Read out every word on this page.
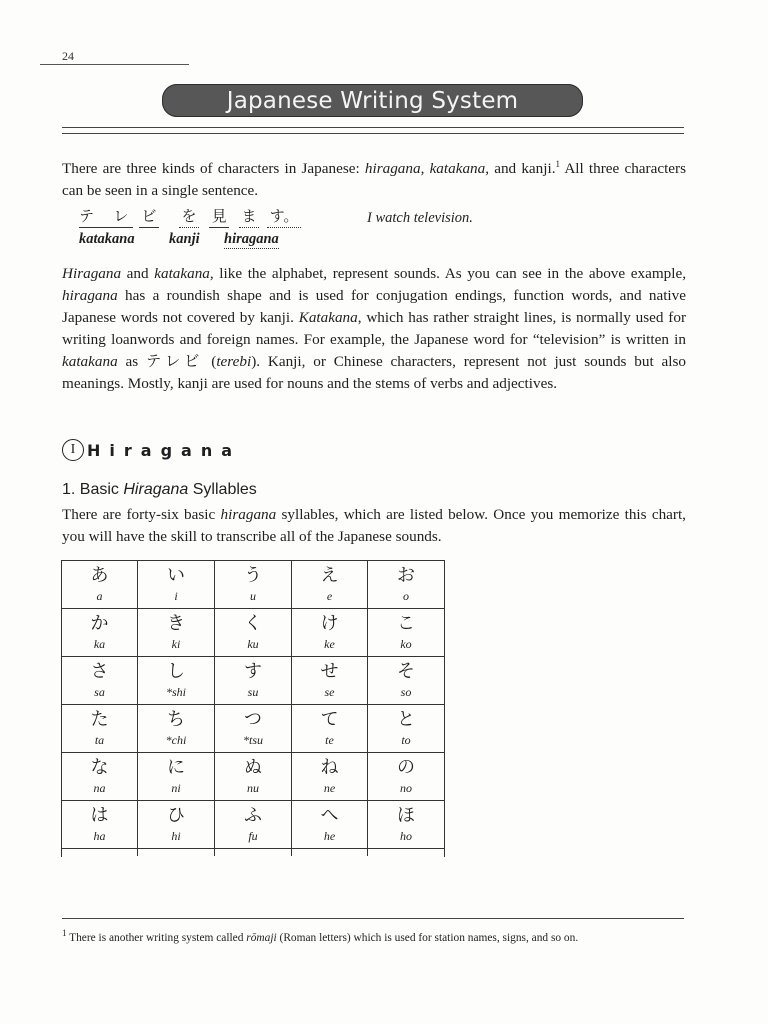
24
Japanese Writing System

There are three kinds of characters in Japanese: hiragana, katakana, and kanji.$^1$ All three characters can be seen in a single sentence.

テ	レ ビ を 見 ま す。	I watch television.
katakana kanji hiragana

Hiragana and katakana, like the alphabet, represent sounds. As you can see in the above example, hiragana has a roundish shape and is used for conjugation endings, function words, and native Japanese words not covered by kanji. Katakana, which has rather straight lines, is normally used for writing loanwords and foreign names. For example, the Japanese word for “television” is written in katakana as テレビ (terebi). Kanji, or Chinese characters, represent not just sounds but also meanings. Mostly, kanji are used for nouns and the stems of verbs and adjectives.

I Hiragana
1. Basic Hiragana Syllables

There are forty-six basic hiragana syllables, which are listed below. Once you memorize this chart, you will have the skill to transcribe all of the Japanese sounds.

あ
a
い
i
う
u
え
e
お
o
か
ka
き
ki
く
ku
け
ke
こ
ko
さ
sa
し
*shi
す
su
せ
se
そ
so
た
ta
ち
*chi
つ
*tsu
て
te
と
to
な
na
に
ni
ぬ
nu
ね
ne
の
no
は
ha
ひ
hi
ふ
fu
へ
he
ほ
ho
$^1$ There is another writing system called rōmaji (Roman letters) which is used for station names, signs, and so on.
